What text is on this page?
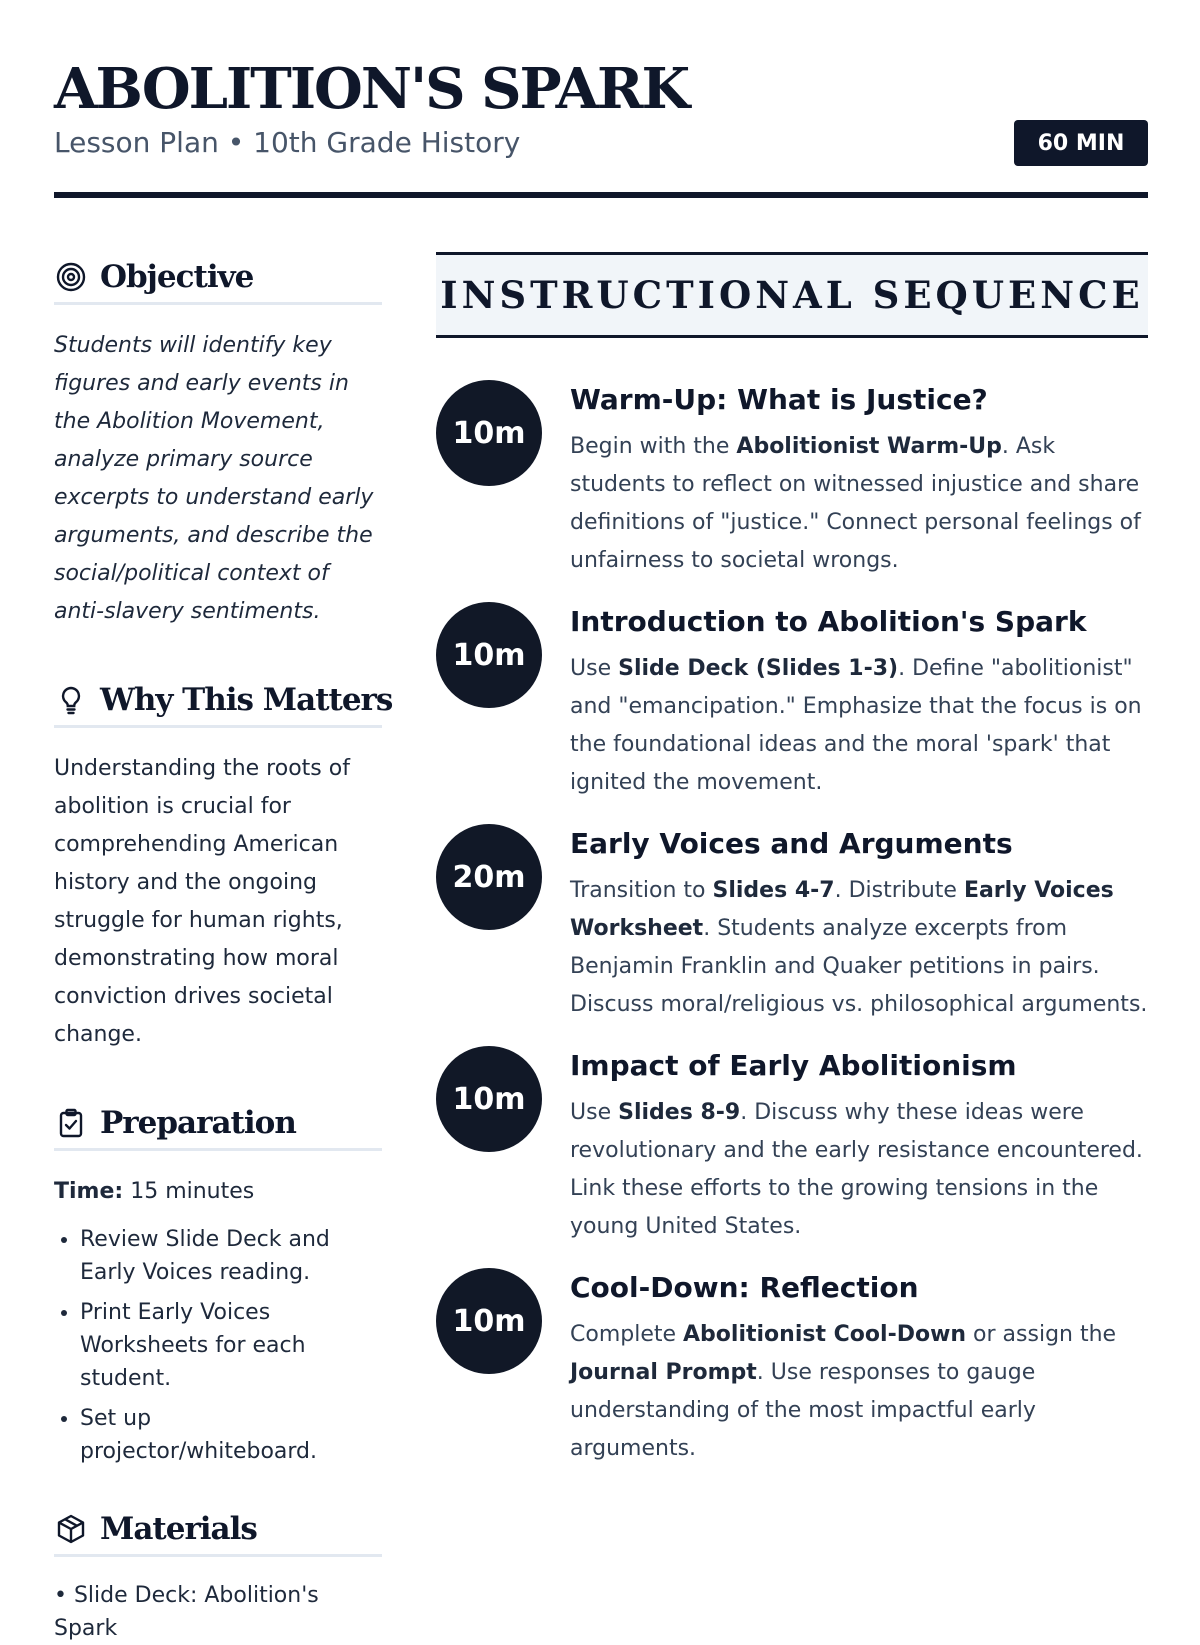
ABOLITION'S SPARK
Lesson Plan • 10th Grade History	60 MIN
Objective

Students will identify key figures and early events in the Abolition Movement, analyze primary source excerpts to understand early arguments, and describe the social/political context of anti-slavery sentiments.

Why This Matters

Understanding the roots of abolition is crucial for comprehending American history and the ongoing struggle for human rights, demonstrating how moral conviction drives societal change.

Preparation

Time: 15 minutes

• Review Slide Deck and Early Voices reading.
• Print Early Voices Worksheets for each student.
• Set up projector/whiteboard.
Materials

• Slide Deck: Abolition's Spark

INSTRUCTIONAL SEQUENCE
10m
Warm-Up: What is Justice?

Begin with the Abolitionist Warm-Up. Ask students to reflect on witnessed injustice and share definitions of "justice." Connect personal feelings of unfairness to societal wrongs.

10m
Introduction to Abolition's Spark

Use Slide Deck (Slides 1-3). Define "abolitionist" and "emancipation." Emphasize that the focus is on the foundational ideas and the moral 'spark' that ignited the movement.

20m
Early Voices and Arguments

Transition to Slides 4-7. Distribute Early Voices Worksheet. Students analyze excerpts from Benjamin Franklin and Quaker petitions in pairs. Discuss moral/religious vs. philosophical arguments.

10m
Impact of Early Abolitionism

Use Slides 8-9. Discuss why these ideas were revolutionary and the early resistance encountered. Link these efforts to the growing tensions in the young United States.

10m
Cool-Down: Reflection

Complete Abolitionist Cool-Down or assign the Journal Prompt. Use responses to gauge understanding of the most impactful early arguments.
